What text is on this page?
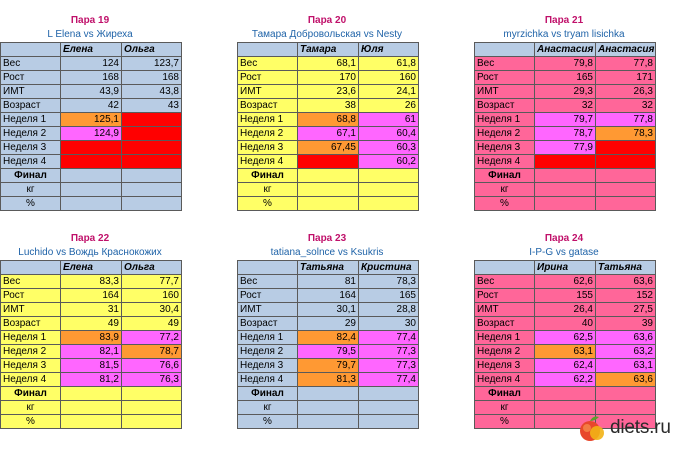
Пара 19
L Elena vs Жиреха
	Елена	Ольга
Вес	124	123,7
Рост	168	168
ИМТ	43,9	43,8
Возраст	42	43
Неделя 1	125,1	
Неделя 2	124,9	
Неделя 3		
Неделя 4		
Финал		
кг		
%		
Пара 20
Тамара Добровольская vs Nesty
	Тамара	Юля
Вес	68,1	61,8
Рост	170	160
ИМТ	23,6	24,1
Возраст	38	26
Неделя 1	68,8	61
Неделя 2	67,1	60,4
Неделя 3	67,45	60,3
Неделя 4		60,2
Финал		
кг		
%		
Пара 21
myrzichka vs tryam lisichka
	Анастасия	Анастасия
Вес	79,8	77,8
Рост	165	171
ИМТ	29,3	26,3
Возраст	32	32
Неделя 1	79,7	77,8
Неделя 2	78,7	78,3
Неделя 3	77,9	
Неделя 4		
Финал		
кг		
%		
Пара 22
Luchido vs Вождь Краснокожих
	Елена	Ольга
Вес	83,3	77,7
Рост	164	160
ИМТ	31	30,4
Возраст	49	49
Неделя 1	83,9	77,2
Неделя 2	82,1	78,7
Неделя 3	81,5	76,6
Неделя 4	81,2	76,3
Финал		
кг		
%		
Пара 23
tatiana_solnce vs Ksukris
	Татьяна	Кристина
Вес	81	78,3
Рост	164	165
ИМТ	30,1	28,8
Возраст	29	30
Неделя 1	82,4	77,4
Неделя 2	79,5	77,3
Неделя 3	79,7	77,3
Неделя 4	81,3	77,4
Финал		
кг		
%		
Пара 24
I-P-G vs gatase
	Ирина	Татьяна
Вес	62,6	63,6
Рост	155	152
ИМТ	26,4	27,5
Возраст	40	39
Неделя 1	62,5	63,6
Неделя 2	63,1	63,2
Неделя 3	62,4	63,1
Неделя 4	62,2	63,6
Финал		
кг		
%			diets.ru
